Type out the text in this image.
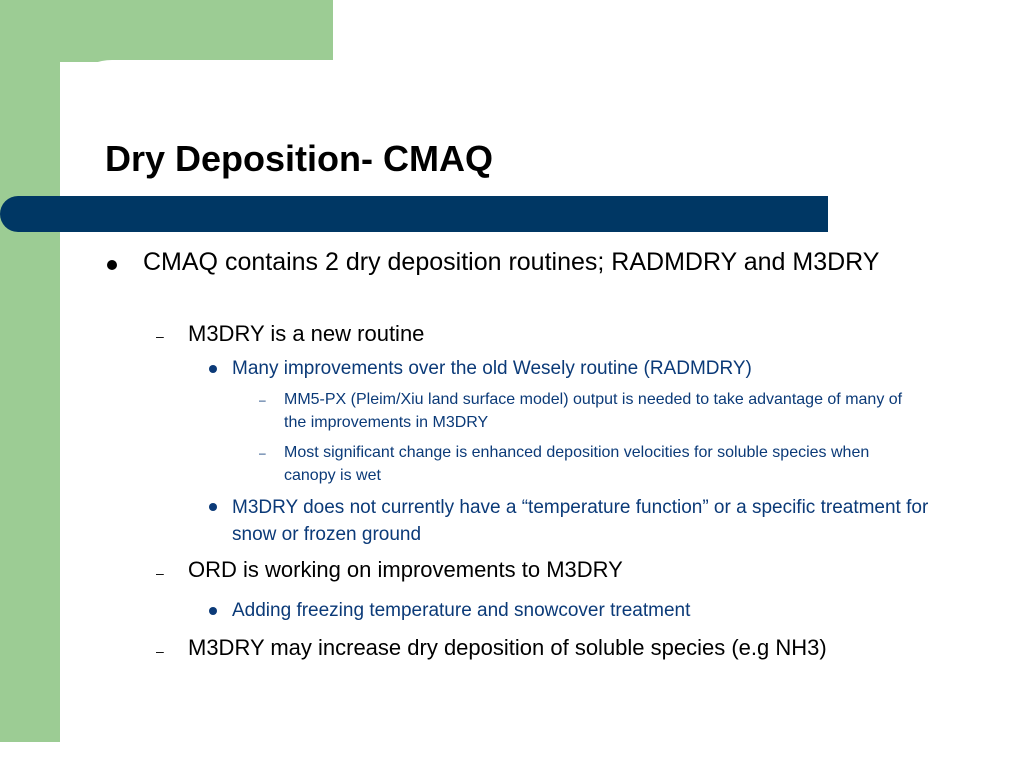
Dry Deposition- CMAQ

CMAQ contains 2 dry deposition routines; RADMDRY and M3DRY

– M3DRY is a new routine

Many improvements over the old Wesely routine (RADMDRY)

– MM5-PX (Pleim/Xiu land surface model) output is needed to take advantage of many of the improvements in M3DRY

– Most significant change is enhanced deposition velocities for soluble species when canopy is wet

M3DRY does not currently have a “temperature function” or a specific treatment for snow or frozen ground

– ORD is working on improvements to M3DRY

Adding freezing temperature and snowcover treatment

– M3DRY may increase dry deposition of soluble species (e.g NH3)
